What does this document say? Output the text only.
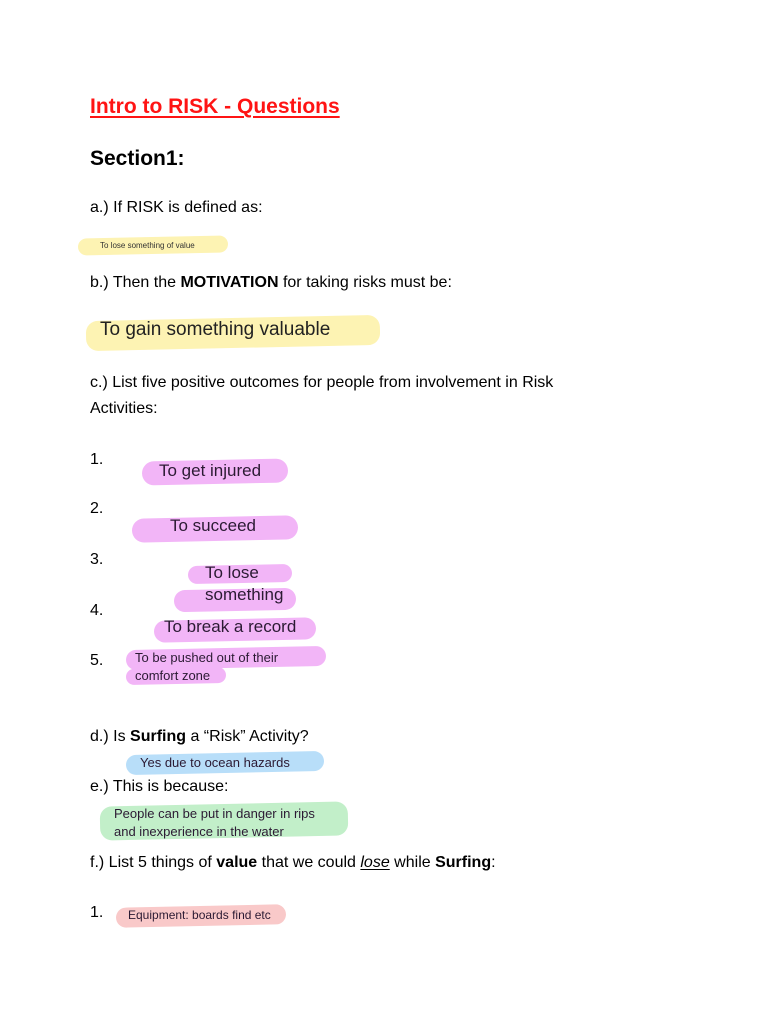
Intro to RISK - Questions
Section1:

a.) If RISK is defined as:

To lose something of value

b.) Then the MOTIVATION for taking risks must be:

To gain something valuable

c.) List five positive outcomes for people from involvement in Risk

Activities:

1.

2.

3.

4.

5.

To get injured

To succeed

To lose

something

To break a record

To be pushed out of their

comfort zone

d.) Is Surfing a “Risk” Activity?

Yes due to ocean hazards

e.) This is because:

People can be put in danger in rips

and inexperience in the water

f.) List 5 things of value that we could lose while Surfing:

1. Equipment: boards find etc
